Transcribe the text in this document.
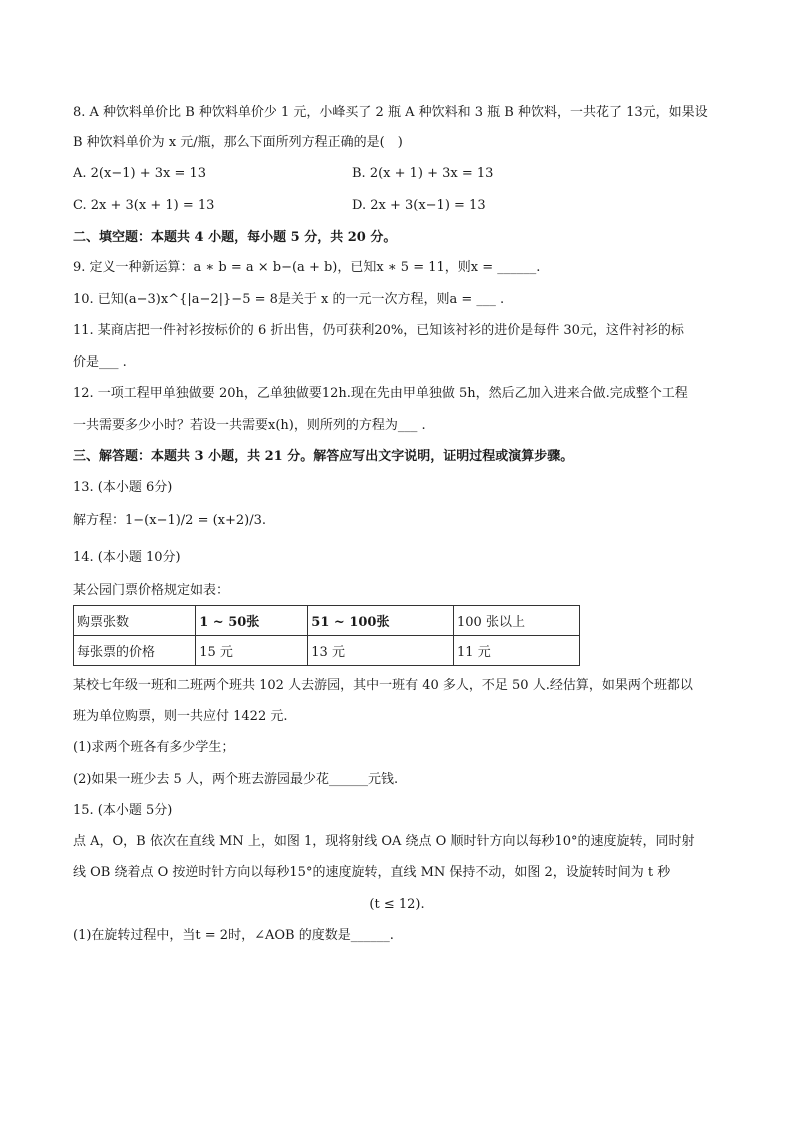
8. A 种饮料单价比 B 种饮料单价少 1 元，小峰买了 2 瓶 A 种饮料和 3 瓶 B 种饮料，一共花了 13元，如果设
B 种饮料单价为 x 元/瓶，那么下面所列方程正确的是(　)
A. 2(x−1) + 3x = 13	B. 2(x + 1) + 3x = 13
C. 2x + 3(x + 1) = 13	D. 2x + 3(x−1) = 13
二、填空题：本题共 4 小题，每小题 5 分，共 20 分。
9. 定义一种新运算：a ∗ b = a × b−(a + b)，已知x ∗ 5 = 11，则x = ______.
10. 已知(a−3)x^{|a−2|}−5 = 8是关于 x 的一元一次方程，则a = ___ .
11. 某商店把一件衬衫按标价的 6 折出售，仍可获利20%，已知该衬衫的进价是每件 30元，这件衬衫的标
价是___ .
12. 一项工程甲单独做要 20h，乙单独做要12h.现在先由甲单独做 5h，然后乙加入进来合做.完成整个工程
一共需要多少小时？若设一共需要x(h)，则所列的方程为___ .
三、解答题：本题共 3 小题，共 21 分。解答应写出文字说明，证明过程或演算步骤。
13. (本小题 6分)
解方程：1−(x−1)/2 = (x+2)/3.
14. (本小题 10分)
某公园门票价格规定如表：
购票张数	1 ~ 50张	51 ~ 100张	100 张以上
每张票的价格	15 元	13 元	11 元
某校七年级一班和二班两个班共 102 人去游园，其中一班有 40 多人，不足 50 人.经估算，如果两个班都以
班为单位购票，则一共应付 1422 元.
(1)求两个班各有多少学生；
(2)如果一班少去 5 人，两个班去游园最少花______元钱.
15. (本小题 5分)
点 A，O，B 依次在直线 MN 上，如图 1，现将射线 OA 绕点 O 顺时针方向以每秒10°的速度旋转，同时射
线 OB 绕着点 O 按逆时针方向以每秒15°的速度旋转，直线 MN 保持不动，如图 2，设旋转时间为 t 秒
(t ≤ 12).
(1)在旋转过程中，当t = 2时，∠AOB 的度数是______.
